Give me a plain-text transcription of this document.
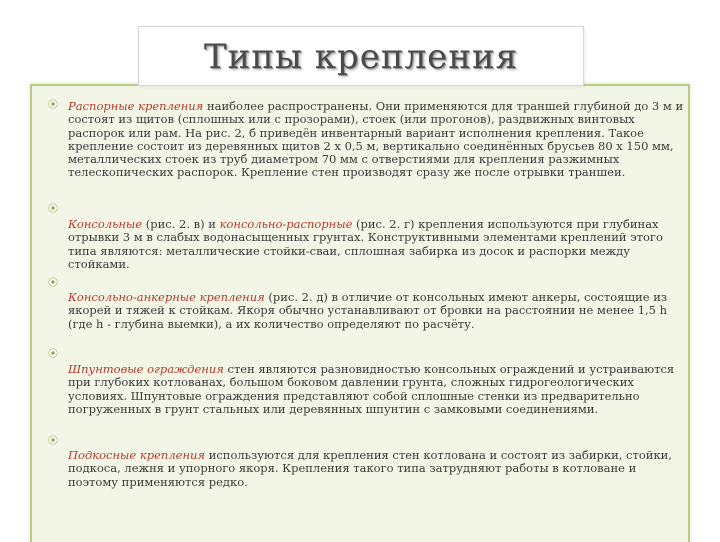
Типы крепления
⦿ Распорные крепления наиболее распространены. Они применяются для траншей глубиной до 3 м и состоят из щитов (сплошных или с прозорами), стоек (или прогонов), раздвижных винтовых распорок или рам. На рис. 2, б приведён инвентарный вариант исполнения крепления. Такое крепление состоит из деревянных щитов 2 х 0,5 м, вертикально соединённых брусьев 80 х 150 мм, металлических стоек из труб диаметром 70 мм с отверстиями для крепления разжимных телескопических распорок. Крепление стен производят сразу же после отрывки траншеи.

⦿

Консольные (рис. 2. в) и консольно-распорные (рис. 2. г) крепления используются при глубинах отрывки 3 м в слабых водонасыщенных грунтах. Конструктивными элементами креплений этого типа являются: металлические стойки-сваи, сплошная забирка из досок и распорки между стойками.

⦿

Консольно-анкерные крепления (рис. 2. д) в отличие от консольных имеют анкеры, состоящие из якорей и тяжей к стойкам. Якоря обычно устанавливают от бровки на расстоянии не менее 1,5 h (где h - глубина выемки), а их количество определяют по расчёту.

⦿

Шпунтовые ограждения стен являются разновидностью консольных ограждений и устраиваются при глубоких котлованах, большом боковом давлении грунта, сложных гидрогеологических условиях. Шпунтовые ограждения представляют собой сплошные стенки из предварительно погруженных в грунт стальных или деревянных шпунтин с замковыми соединениями.

⦿

Подкосные крепления используются для крепления стен котлована и состоят из забирки, стойки, подкоса, лежня и упорного якоря. Крепления такого типа затрудняют работы в котловане и поэтому применяются редко.
